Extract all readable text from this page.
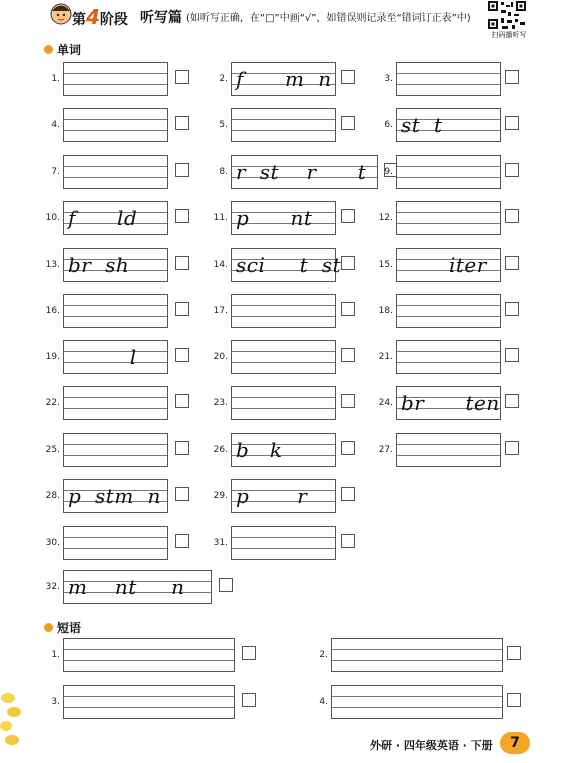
第4阶段 听写篇 (如听写正确，在“□”中画“√”，如错误则记录至“错词订正表”中)
扫码播听写
单词
1.	2. f      m  n	3.
4.	5.	6. st  t
7.	8. r  st    r      t	9.
10. f      ld	11. p      nt	12.
13. br  sh	14. sci     t  st	15. iter
16.	17.	18.
19. l	20.	21.
22.	23.	24. br      ten
25.	26. b   k	27.
28. p  stm  n	29. p       r
30.	31.
32. m    nt     n
短语
1.	2.
3.	4.
外研 · 四年级英语 · 下册	7
